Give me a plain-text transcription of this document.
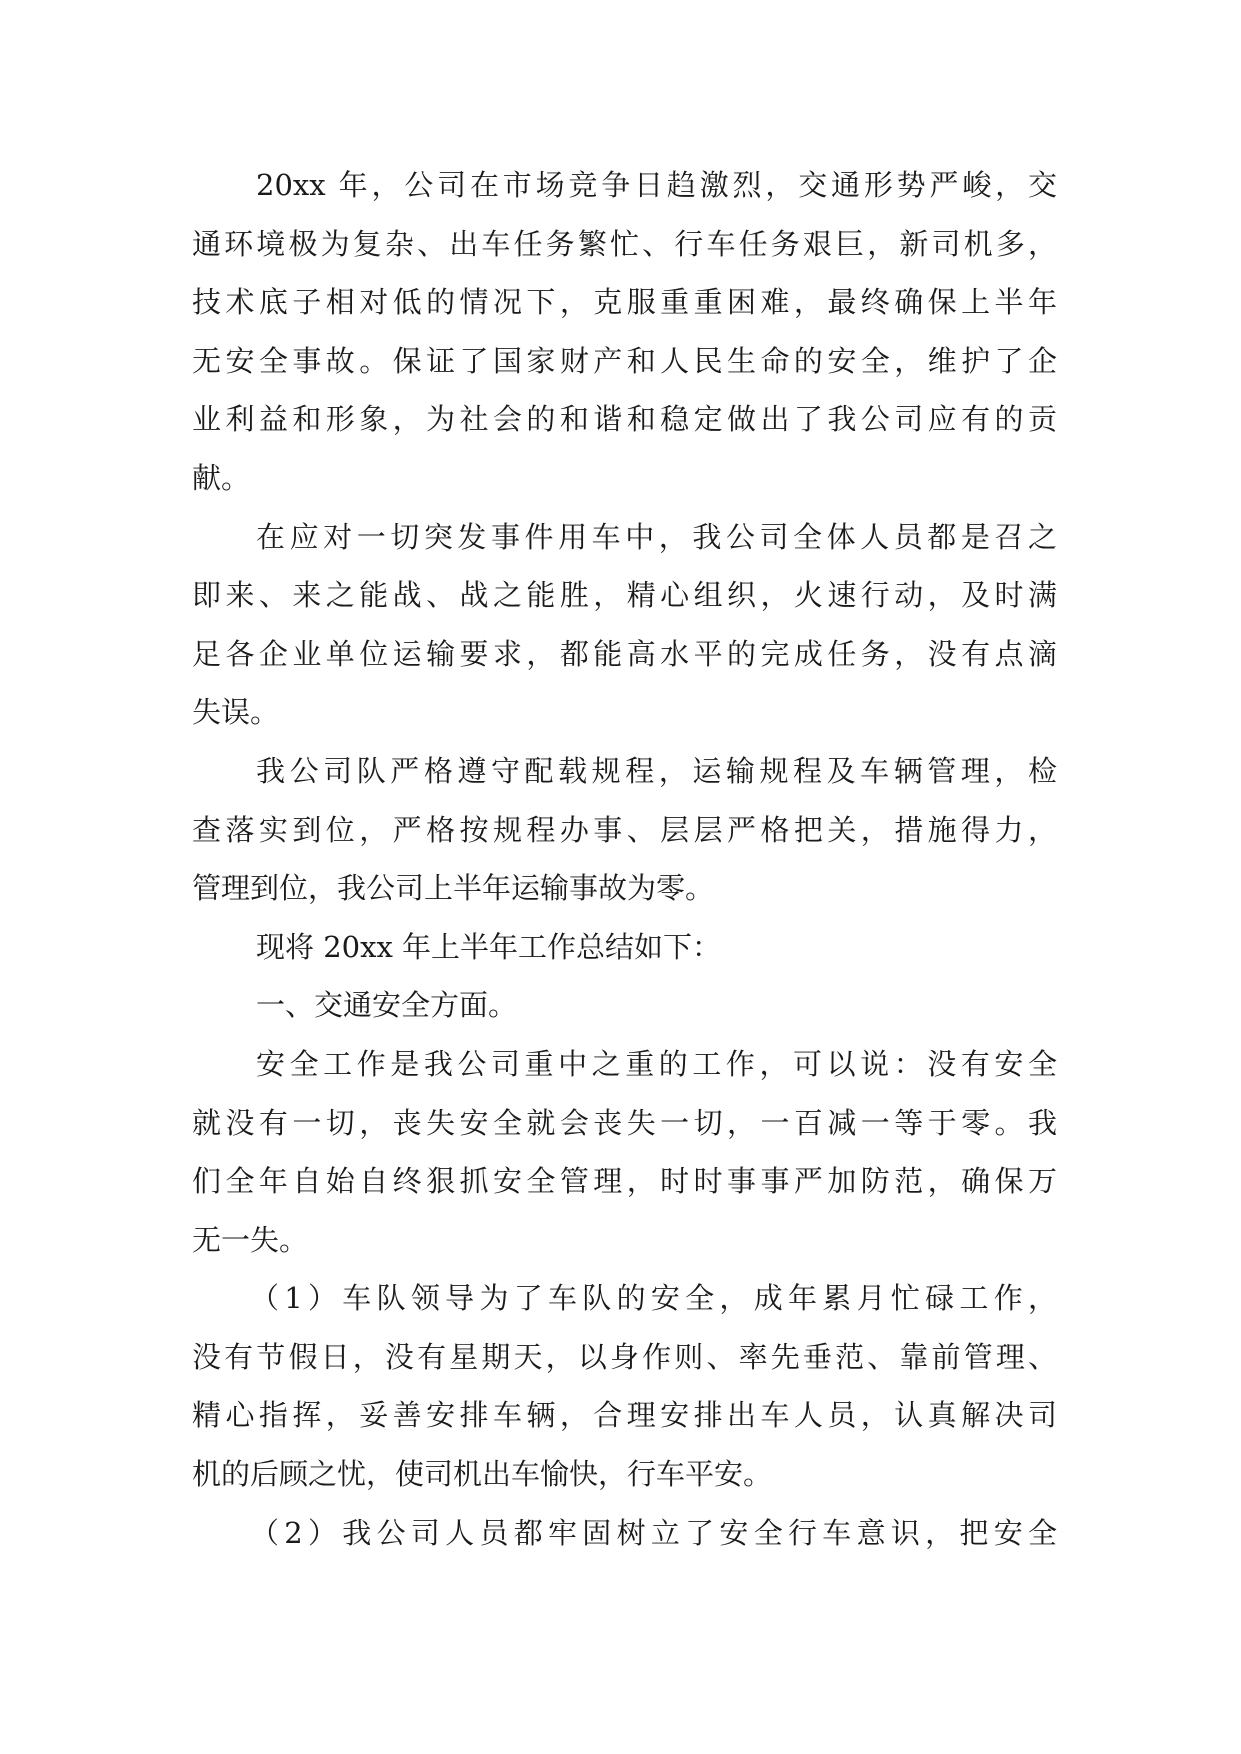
20xx 年，公司在市场竞争日趋激烈，交通形势严峻，交
通环境极为复杂、出车任务繁忙、行车任务艰巨，新司机多，
技术底子相对低的情况下，克服重重困难，最终确保上半年
无安全事故。保证了国家财产和人民生命的安全，维护了企
业利益和形象，为社会的和谐和稳定做出了我公司应有的贡
献。
在应对一切突发事件用车中，我公司全体人员都是召之
即来、来之能战、战之能胜，精心组织，火速行动，及时满
足各企业单位运输要求，都能高水平的完成任务，没有点滴
失误。
我公司队严格遵守配载规程，运输规程及车辆管理，检
查落实到位，严格按规程办事、层层严格把关，措施得力，
管理到位，我公司上半年运输事故为零。
现将 20xx 年上半年工作总结如下：
一、交通安全方面。
安全工作是我公司重中之重的工作，可以说：没有安全
就没有一切，丧失安全就会丧失一切，一百减一等于零。我
们全年自始自终狠抓安全管理，时时事事严加防范，确保万
无一失。
（1）车队领导为了车队的安全，成年累月忙碌工作，
没有节假日，没有星期天，以身作则、率先垂范、靠前管理、
精心指挥，妥善安排车辆，合理安排出车人员，认真解决司
机的后顾之忧，使司机出车愉快，行车平安。
（2）我公司人员都牢固树立了安全行车意识，把安全
